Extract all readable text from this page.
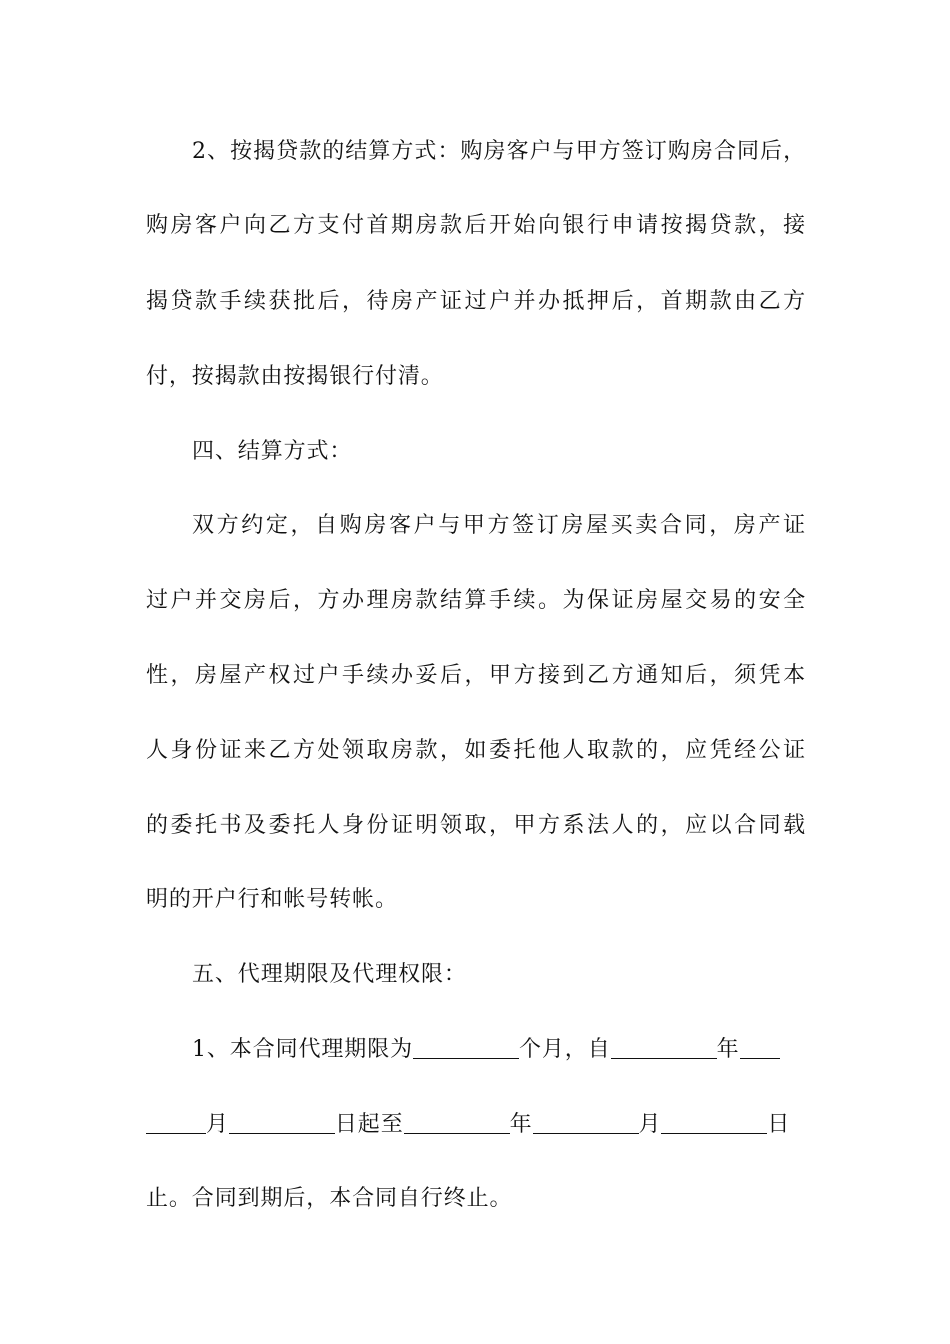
2、按揭贷款的结算方式：购房客户与甲方签订购房合同后，
购房客户向乙方支付首期房款后开始向银行申请按揭贷款，接
揭贷款手续获批后，待房产证过户并办抵押后，首期款由乙方
付，按揭款由按揭银行付清。
四、结算方式：
双方约定，自购房客户与甲方签订房屋买卖合同，房产证
过户并交房后，方办理房款结算手续。为保证房屋交易的安全
性，房屋产权过户手续办妥后，甲方接到乙方通知后，须凭本
人身份证来乙方处领取房款，如委托他人取款的，应凭经公证
的委托书及委托人身份证明领取，甲方系法人的，应以合同载
明的开户行和帐号转帐。
五、代理期限及代理权限：
1、本合同代理期限为	个月，自	年
月	日起至	年	月	日
止。合同到期后，本合同自行终止。
